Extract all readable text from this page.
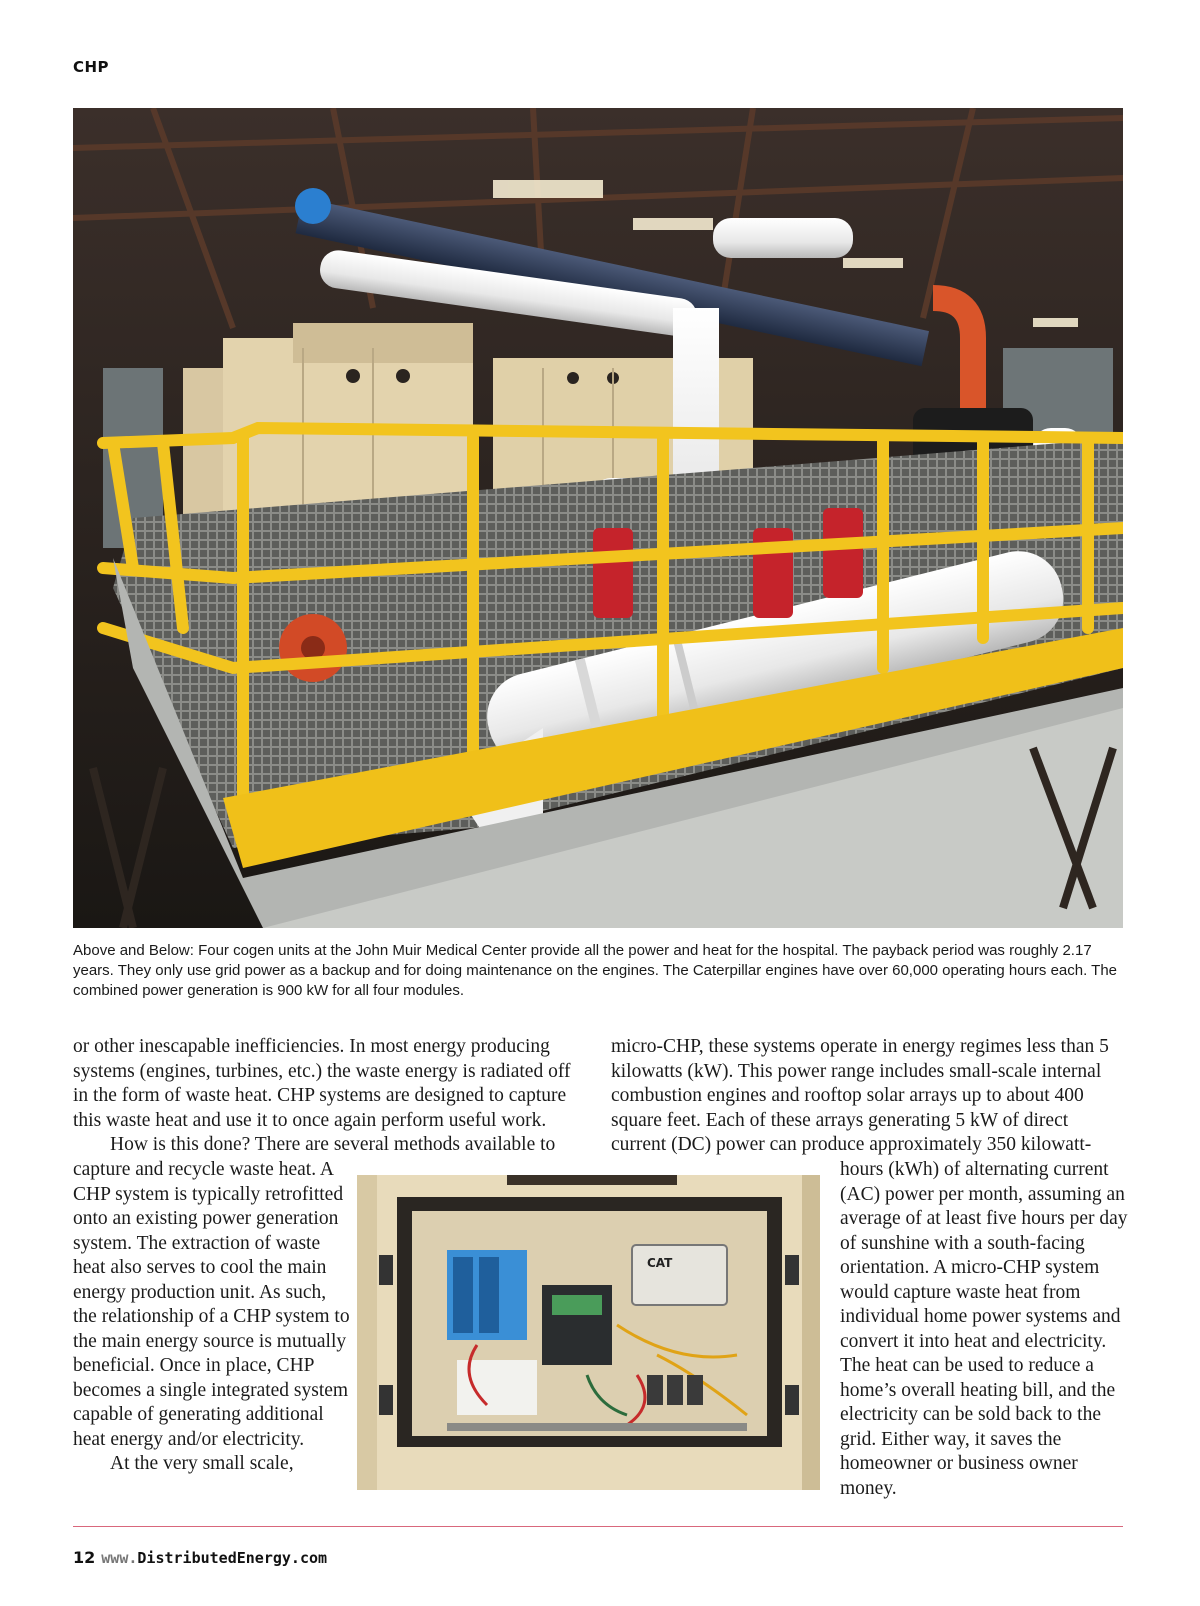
CHP
Above and Below: Four cogen units at the John Muir Medical Center provide all the power and heat for the hospital. The payback period was roughly 2.17 years. They only use grid power as a backup and for doing maintenance on the engines. The Caterpillar engines have over 60,000 operating hours each. The combined power generation is 900 kW for all four modules.

or other inescapable inefficiencies. In most energy producing systems (engines, turbines, etc.) the waste energy is radiated off in the form of waste heat. CHP systems are designed to capture this waste heat and use it to once again perform useful work.

How is this done? There are several methods available to

capture and recycle waste heat. A CHP system is typically retrofitted onto an existing power generation system. The extraction of waste heat also serves to cool the main energy production unit. As such, the relationship of a CHP system to the main energy source is mutually beneficial. Once in place, CHP becomes a single integrated system capable of generating additional heat energy and/or electricity.

At the very small scale,

micro-CHP, these systems operate in energy regimes less than 5 kilowatts (kW). This power range includes small-scale internal combustion engines and rooftop solar arrays up to about 400 square feet. Each of these arrays generating 5 kW of direct current (DC) power can produce approximately 350 kilowatt-

hours (kWh) of alternating current (AC) power per month, assuming an average of at least five hours per day of sunshine with a south-facing orientation. A micro-CHP system would capture waste heat from individual home power systems and convert it into heat and electricity. The heat can be used to reduce a home’s overall heating bill, and the electricity can be sold back to the grid. Either way, it saves the homeowner or business owner money.

CAT
12 www.DistributedEnergy.com
